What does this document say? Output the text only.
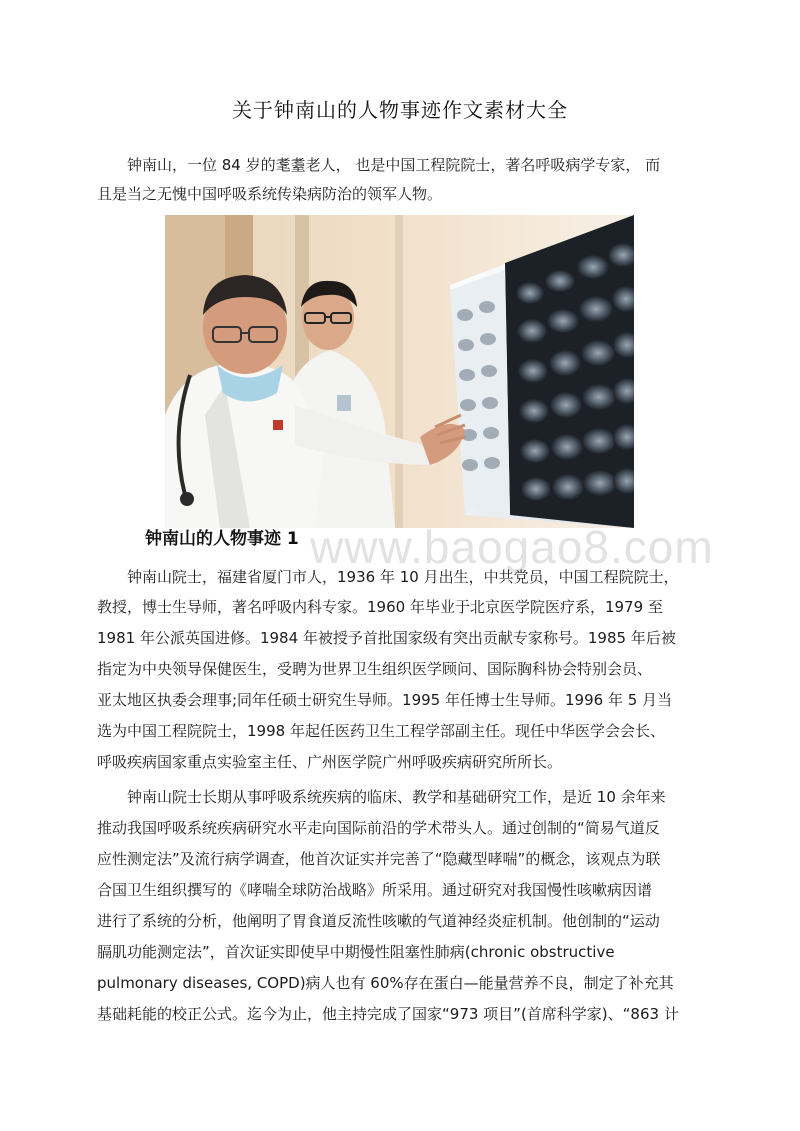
关于钟南山的人物事迹作文素材大全
钟南山，一位 84 岁的耄耋老人， 也是中国工程院院士，著名呼吸病学专家， 而
且是当之无愧中国呼吸系统传染病防治的领军人物。
钟南山的人物事迹 1 www.baogao8.com
钟南山院士，福建省厦门市人，1936 年 10 月出生，中共党员，中国工程院院士，
教授，博士生导师，著名呼吸内科专家。1960 年毕业于北京医学院医疗系，1979 至
1981 年公派英国进修。1984 年被授予首批国家级有突出贡献专家称号。1985 年后被
指定为中央领导保健医生，受聘为世界卫生组织医学顾问、国际胸科协会特别会员、
亚太地区执委会理事;同年任硕士研究生导师。1995 年任博士生导师。1996 年 5 月当
选为中国工程院院士，1998 年起任医药卫生工程学部副主任。现任中华医学会会长、
呼吸疾病国家重点实验室主任、广州医学院广州呼吸疾病研究所所长。
钟南山院士长期从事呼吸系统疾病的临床、教学和基础研究工作，是近 10 余年来
推动我国呼吸系统疾病研究水平走向国际前沿的学术带头人。通过创制的“简易气道反
应性测定法”及流行病学调查，他首次证实并完善了“隐藏型哮喘”的概念，该观点为联
合国卫生组织撰写的《哮喘全球防治战略》所采用。通过研究对我国慢性咳嗽病因谱
进行了系统的分析，他阐明了胃食道反流性咳嗽的气道神经炎症机制。他创制的“运动
膈肌功能测定法”，首次证实即使早中期慢性阻塞性肺病(chronic obstructive
pulmonary diseases, COPD)病人也有 60%存在蛋白—能量营养不良，制定了补充其
基础耗能的校正公式。迄今为止，他主持完成了国家“973 项目”(首席科学家)、“863 计
